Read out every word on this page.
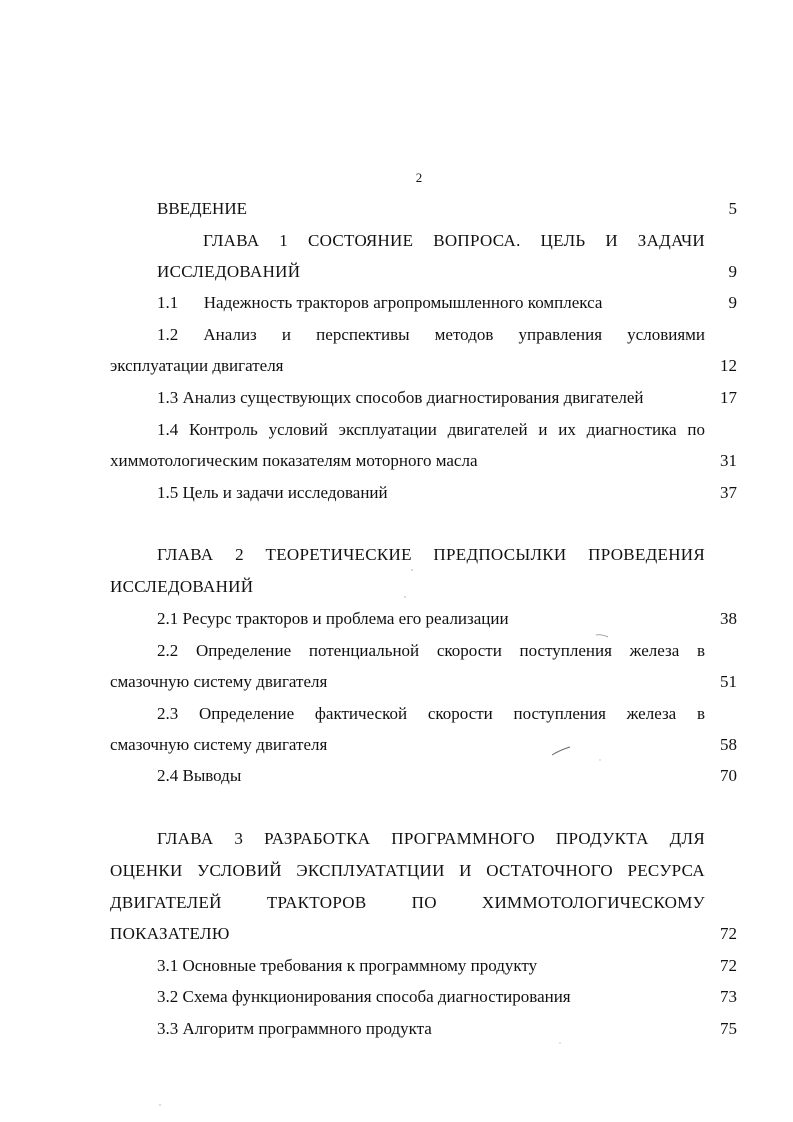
2
ВВЕДЕНИЕ	5
ГЛАВА 1 СОСТОЯНИЕ ВОПРОСА. ЦЕЛЬ И ЗАДАЧИ
ИССЛЕДОВАНИЙ	9
1.1      Надежность тракторов агропромышленного комплекса	9
1.2 Анализ и перспективы методов управления условиями
эксплуатации двигателя	12
1.3 Анализ существующих способов диагностирования двигателей	17
1.4 Контроль условий эксплуатации двигателей и их диагностика по
химмотологическим показателям моторного масла	31
1.5 Цель и задачи исследований	37
ГЛАВА 2 ТЕОРЕТИЧЕСКИЕ ПРЕДПОСЫЛКИ ПРОВЕДЕНИЯ
ИССЛЕДОВАНИЙ
2.1 Ресурс тракторов и проблема его реализации	38
2.2 Определение потенциальной скорости поступления железа в
смазочную систему двигателя	51
2.3 Определение фактической скорости поступления железа в
смазочную систему двигателя	58
2.4 Выводы	70
ГЛАВА 3 РАЗРАБОТКА ПРОГРАММНОГО ПРОДУКТА ДЛЯ
ОЦЕНКИ УСЛОВИЙ ЭКСПЛУАТАТЦИИ И ОСТАТОЧНОГО РЕСУРСА
ДВИГАТЕЛЕЙ ТРАКТОРОВ ПО ХИММОТОЛОГИЧЕСКОМУ
ПОКАЗАТЕЛЮ	72
3.1 Основные требования к программному продукту	72
3.2 Схема функционирования способа диагностирования	73
3.3 Алгоритм программного продукта	75
